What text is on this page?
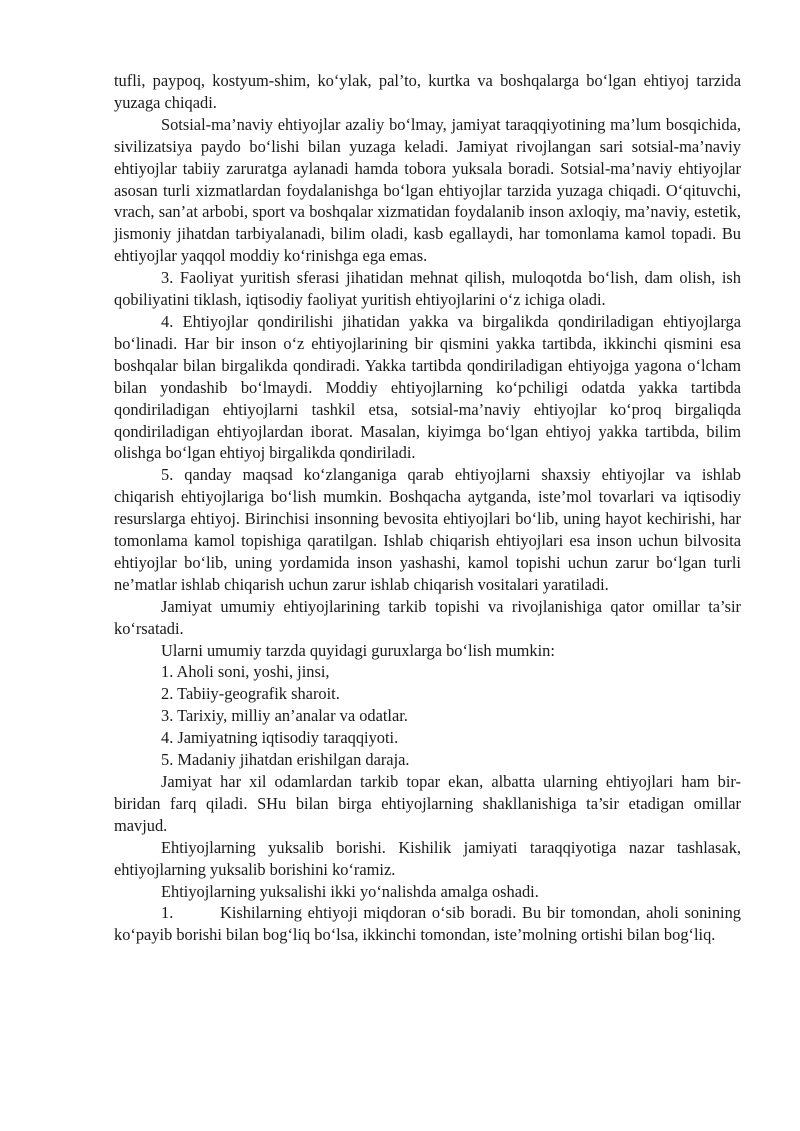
tufli, paypoq, kostyum-shim, ko‘ylak, pal’to, kurtka va boshqalarga bo‘lgan ehtiyoj tarzida yuzaga chiqadi.

Sotsial-ma’naviy ehtiyojlar azaliy bo‘lmay, jamiyat taraqqiyotining ma’lum bosqichida, sivilizatsiya paydo bo‘lishi bilan yuzaga keladi. Jamiyat rivojlangan sari sotsial-ma’naviy ehtiyojlar tabiiy zaruratga aylanadi hamda tobora yuksala boradi. Sotsial-ma’naviy ehtiyojlar asosan turli xizmatlardan foydalanishga bo‘lgan ehtiyojlar tarzida yuzaga chiqadi. O‘qituvchi, vrach, san’at arbobi, sport va boshqalar xizmatidan foydalanib inson axloqiy, ma’naviy, estetik, jismoniy jihatdan tarbiyalanadi, bilim oladi, kasb egallaydi, har tomonlama kamol topadi. Bu ehtiyojlar yaqqol moddiy ko‘rinishga ega emas.

3. Faoliyat yuritish sferasi jihatidan mehnat qilish, muloqotda bo‘lish, dam olish, ish qobiliyatini tiklash, iqtisodiy faoliyat yuritish ehtiyojlarini o‘z ichiga oladi.

4. Ehtiyojlar qondirilishi jihatidan yakka va birgalikda qondiriladigan ehtiyojlarga bo‘linadi. Har bir inson o‘z ehtiyojlarining bir qismini yakka tartibda, ikkinchi qismini esa boshqalar bilan birgalikda qondiradi. Yakka tartibda qondiriladigan ehtiyojga yagona o‘lcham bilan yondashib bo‘lmaydi. Moddiy ehtiyojlarning ko‘pchiligi odatda yakka tartibda qondiriladigan ehtiyojlarni tashkil etsa, sotsial-ma’naviy ehtiyojlar ko‘proq birgaliqda qondiriladigan ehtiyojlardan iborat. Masalan, kiyimga bo‘lgan ehtiyoj yakka tartibda, bilim olishga bo‘lgan ehtiyoj birgalikda qondiriladi.

5. qanday maqsad ko‘zlanganiga qarab ehtiyojlarni shaxsiy ehtiyojlar va ishlab chiqarish ehtiyojlariga bo‘lish mumkin. Boshqacha aytganda, iste’mol tovarlari va iqtisodiy resurslarga ehtiyoj. Birinchisi insonning bevosita ehtiyojlari bo‘lib, uning hayot kechirishi, har tomonlama kamol topishiga qaratilgan. Ishlab chiqarish ehtiyojlari esa inson uchun bilvosita ehtiyojlar bo‘lib, uning yordamida inson yashashi, kamol topishi uchun zarur bo‘lgan turli ne’matlar ishlab chiqarish uchun zarur ishlab chiqarish vositalari yaratiladi.

Jamiyat umumiy ehtiyojlarining tarkib topishi va rivojlanishiga qator omillar ta’sir ko‘rsatadi.

Ularni umumiy tarzda quyidagi guruxlarga bo‘lish mumkin:

1. Aholi soni, yoshi, jinsi,

2. Tabiiy-geografik sharoit.

3. Tarixiy, milliy an’analar va odatlar.

4. Jamiyatning iqtisodiy taraqqiyoti.

5. Madaniy jihatdan erishilgan daraja.

Jamiyat har xil odamlardan tarkib topar ekan, albatta ularning ehtiyojlari ham bir-biridan farq qiladi. SHu bilan birga ehtiyojlarning shakllanishiga ta’sir etadigan omillar mavjud.

Ehtiyojlarning yuksalib borishi. Kishilik jamiyati taraqqiyotiga nazar tashlasak, ehtiyojlarning yuksalib borishini ko‘ramiz.

Ehtiyojlarning yuksalishi ikki yo‘nalishda amalga oshadi.

1.	Kishilarning ehtiyoji miqdoran o‘sib boradi. Bu bir tomondan, aholi sonining ko‘payib borishi bilan bog‘liq bo‘lsa, ikkinchi tomondan, iste’molning ortishi bilan bog‘liq.
